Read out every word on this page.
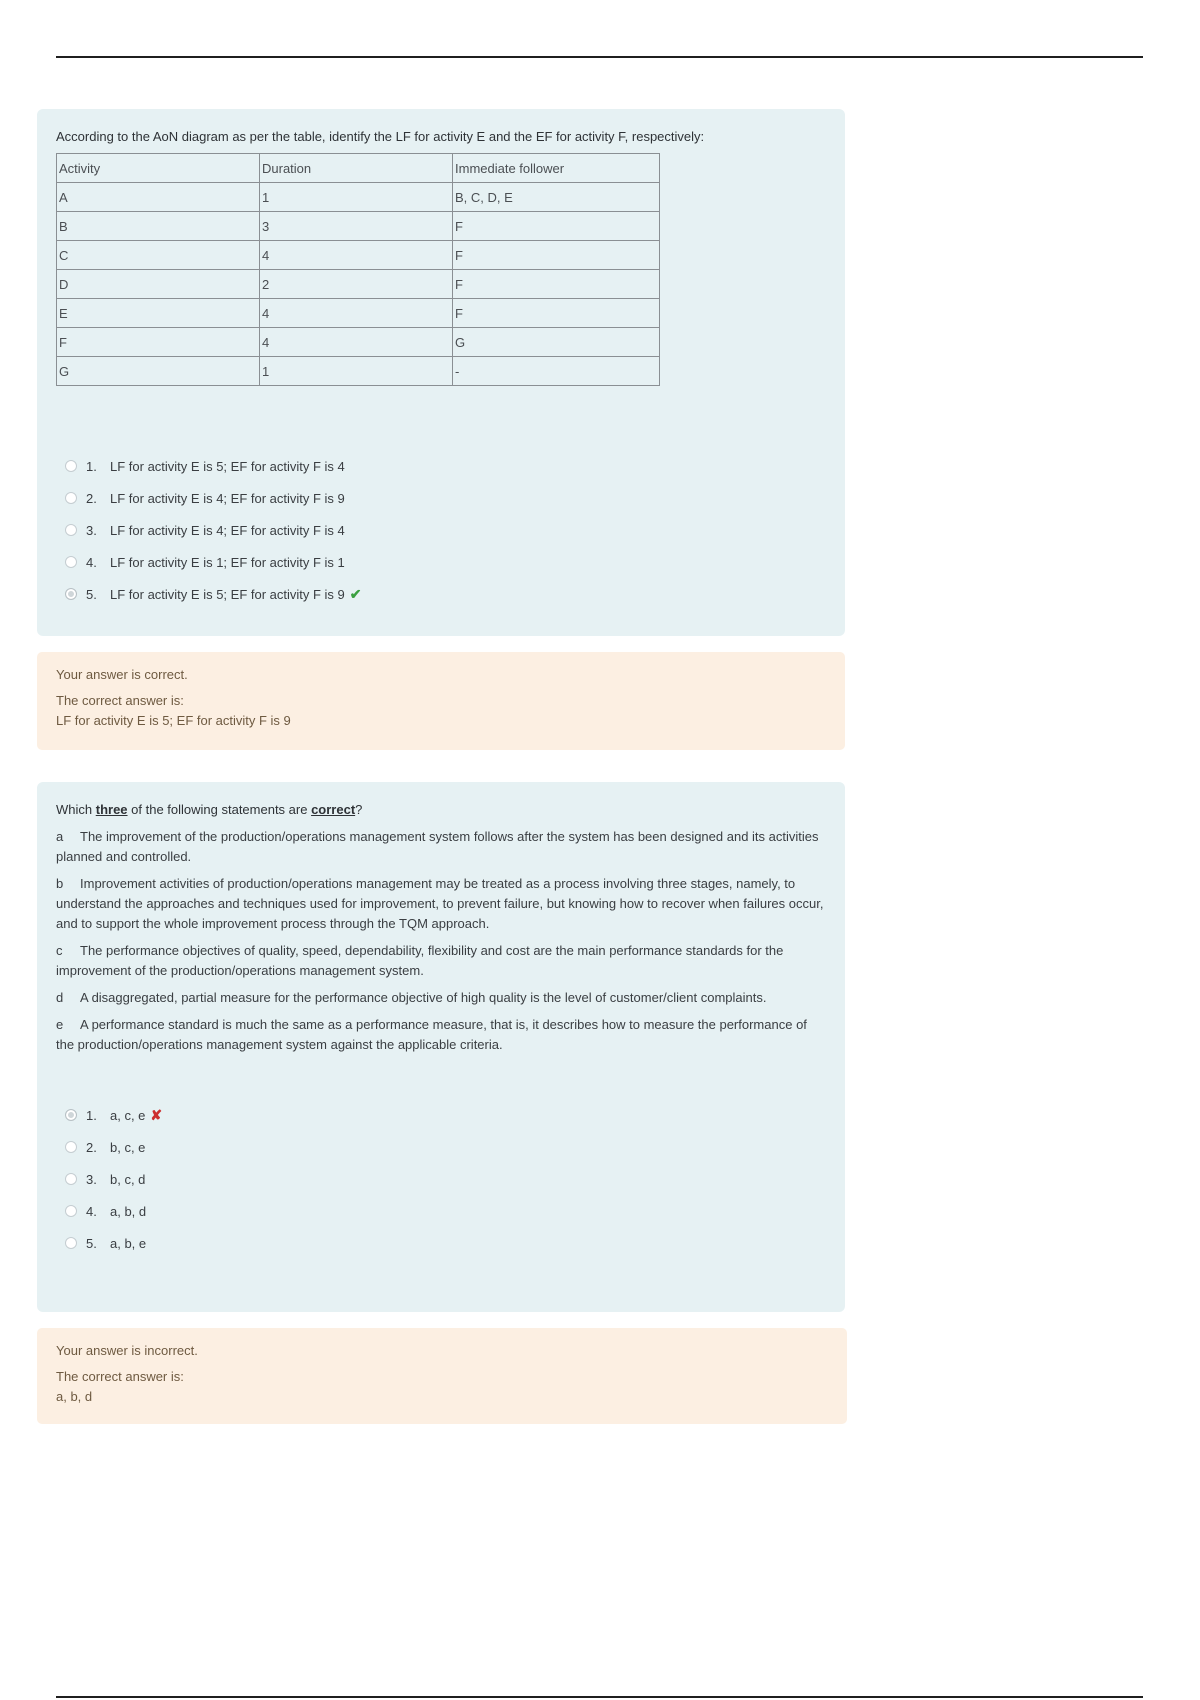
According to the AoN diagram as per the table, identify the LF for activity E and the EF for activity F, respectively:
Activity	Duration	Immediate follower
A	1	B, C, D, E
B	3	F
C	4	F
D	2	F
E	4	F
F	4	G
G	1	-
1.	LF for activity E is 5; EF for activity F is 4
2.	LF for activity E is 4; EF for activity F is 9
3.	LF for activity E is 4; EF for activity F is 4
4.	LF for activity E is 1; EF for activity F is 1
5.	LF for activity E is 5; EF for activity F is 9 ✔
Your answer is correct.
The correct answer is:
LF for activity E is 5; EF for activity F is 9
Which three of the following statements are correct?
a The improvement of the production/operations management system follows after the system has been designed and its activities planned and controlled.
b Improvement activities of production/operations management may be treated as a process involving three stages, namely, to understand the approaches and techniques used for improvement, to prevent failure, but knowing how to recover when failures occur, and to support the whole improvement process through the TQM approach.
c The performance objectives of quality, speed, dependability, flexibility and cost are the main performance standards for the improvement of the production/operations management system.
d A disaggregated, partial measure for the performance objective of high quality is the level of customer/client complaints.
e A performance standard is much the same as a performance measure, that is, it describes how to measure the performance of the production/operations management system against the applicable criteria.
1.	a, c, e ✘
2.	b, c, e
3.	b, c, d
4.	a, b, d
5.	a, b, e
Your answer is incorrect.
The correct answer is:
a, b, d
